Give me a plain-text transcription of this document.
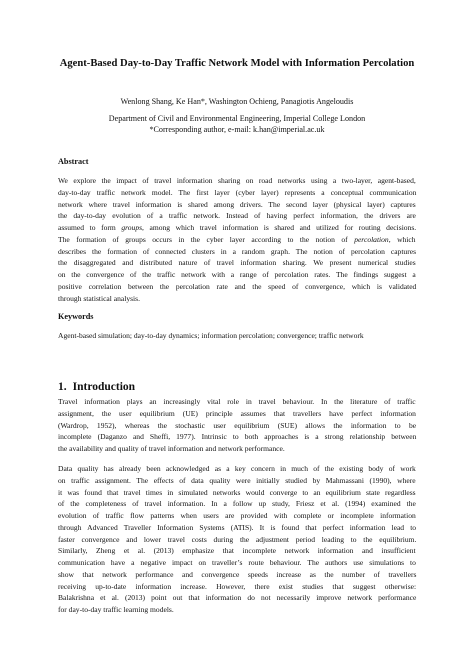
Agent-Based Day-to-Day Traffic Network Model with Information Percolation
Wenlong Shang, Ke Han*, Washington Ochieng, Panagiotis Angeloudis
Department of Civil and Environmental Engineering, Imperial College London
*Corresponding author, e-mail: k.han@imperial.ac.uk
Abstract
We explore the impact of travel information sharing on road networks using a two-layer, agent-based,
day-to-day traffic network model. The first layer (cyber layer) represents a conceptual communication
network where travel information is shared among drivers. The second layer (physical layer) captures
the day-to-day evolution of a traffic network. Instead of having perfect information, the drivers are
assumed to form groups, among which travel information is shared and utilized for routing decisions.
The formation of groups occurs in the cyber layer according to the notion of percolation, which
describes the formation of connected clusters in a random graph. The notion of percolation captures
the disaggregated and distributed nature of travel information sharing. We present numerical studies
on the convergence of the traffic network with a range of percolation rates. The findings suggest a
positive correlation between the percolation rate and the speed of convergence, which is validated
through statistical analysis.
Keywords
Agent-based simulation; day-to-day dynamics; information percolation; convergence; traffic network
1. Introduction
Travel information plays an increasingly vital role in travel behaviour. In the literature of traffic
assignment, the user equilibrium (UE) principle assumes that travellers have perfect information
(Wardrop, 1952), whereas the stochastic user equilibrium (SUE) allows the information to be
incomplete (Daganzo and Sheffi, 1977). Intrinsic to both approaches is a strong relationship between
the availability and quality of travel information and network performance.
Data quality has already been acknowledged as a key concern in much of the existing body of work
on traffic assignment. The effects of data quality were initially studied by Mahmassani (1990), where
it was found that travel times in simulated networks would converge to an equilibrium state regardless
of the completeness of travel information. In a follow up study, Friesz et al. (1994) examined the
evolution of traffic flow patterns when users are provided with complete or incomplete information
through Advanced Traveller Information Systems (ATIS). It is found that perfect information lead to
faster convergence and lower travel costs during the adjustment period leading to the equilibrium.
Similarly, Zheng et al. (2013) emphasize that incomplete network information and insufficient
communication have a negative impact on traveller’s route behaviour. The authors use simulations to
show that network performance and convergence speeds increase as the number of travellers
receiving up-to-date information increase. However, there exist studies that suggest otherwise:
Balakrishna et al. (2013) point out that information do not necessarily improve network performance
for day-to-day traffic learning models.
